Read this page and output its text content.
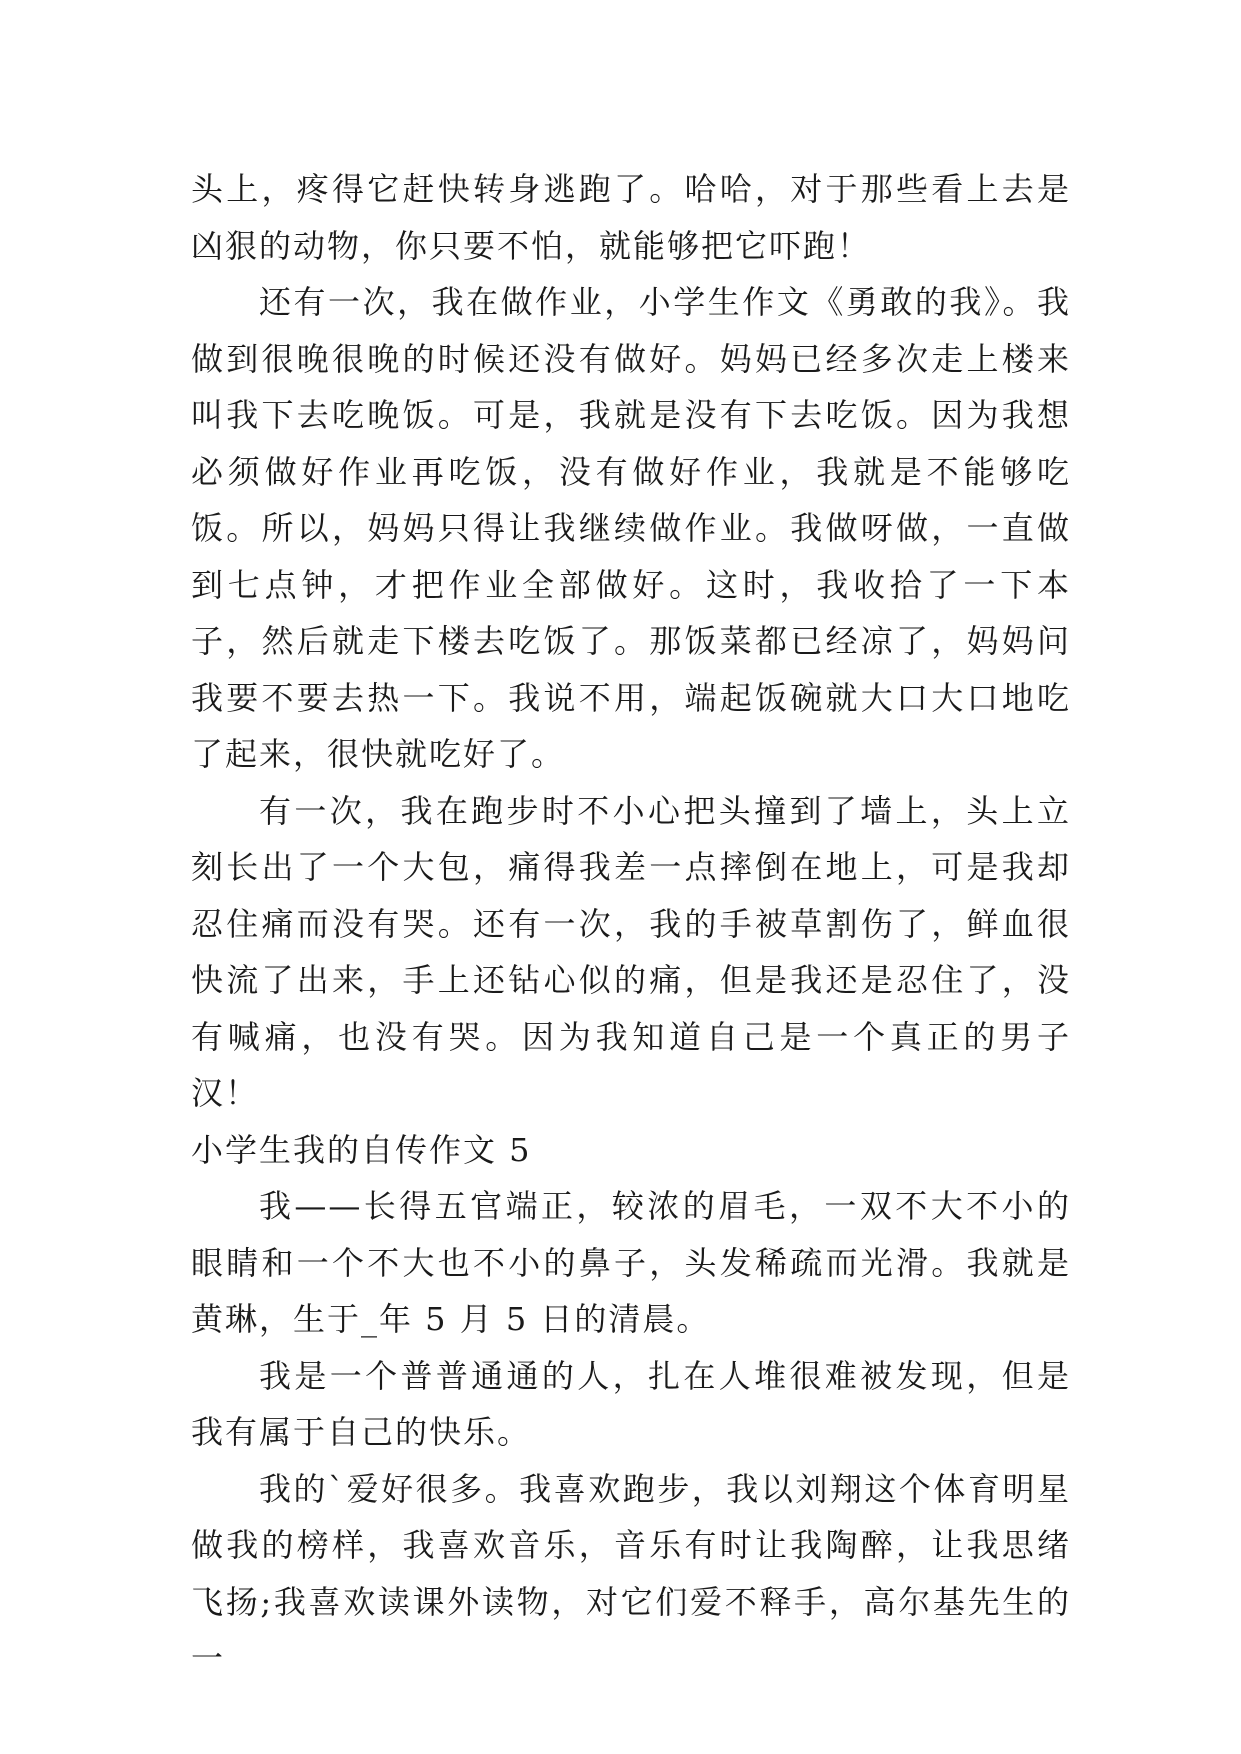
头上，疼得它赶快转身逃跑了。哈哈，对于那些看上去是凶狠的动物，你只要不怕，就能够把它吓跑！

还有一次，我在做作业，小学生作文《勇敢的我》。我做到很晚很晚的时候还没有做好。妈妈已经多次走上楼来叫我下去吃晚饭。可是，我就是没有下去吃饭。因为我想必须做好作业再吃饭，没有做好作业，我就是不能够吃饭。所以，妈妈只得让我继续做作业。我做呀做，一直做到七点钟，才把作业全部做好。这时，我收拾了一下本子，然后就走下楼去吃饭了。那饭菜都已经凉了，妈妈问我要不要去热一下。我说不用，端起饭碗就大口大口地吃了起来，很快就吃好了。

有一次，我在跑步时不小心把头撞到了墙上，头上立刻长出了一个大包，痛得我差一点摔倒在地上，可是我却忍住痛而没有哭。还有一次，我的手被草割伤了，鲜血很快流了出来，手上还钻心似的痛，但是我还是忍住了，没有喊痛，也没有哭。因为我知道自己是一个真正的男子汉！

小学生我的自传作文 5

我——长得五官端正，较浓的眉毛，一双不大不小的眼睛和一个不大也不小的鼻子，头发稀疏而光滑。我就是黄琳，生于_年 5 月 5 日的清晨。

我是一个普普通通的人，扎在人堆很难被发现，但是我有属于自己的快乐。

我的`爱好很多。我喜欢跑步，我以刘翔这个体育明星做我的榜样，我喜欢音乐，音乐有时让我陶醉，让我思绪飞扬;我喜欢读课外读物，对它们爱不释手，高尔基先生的一
